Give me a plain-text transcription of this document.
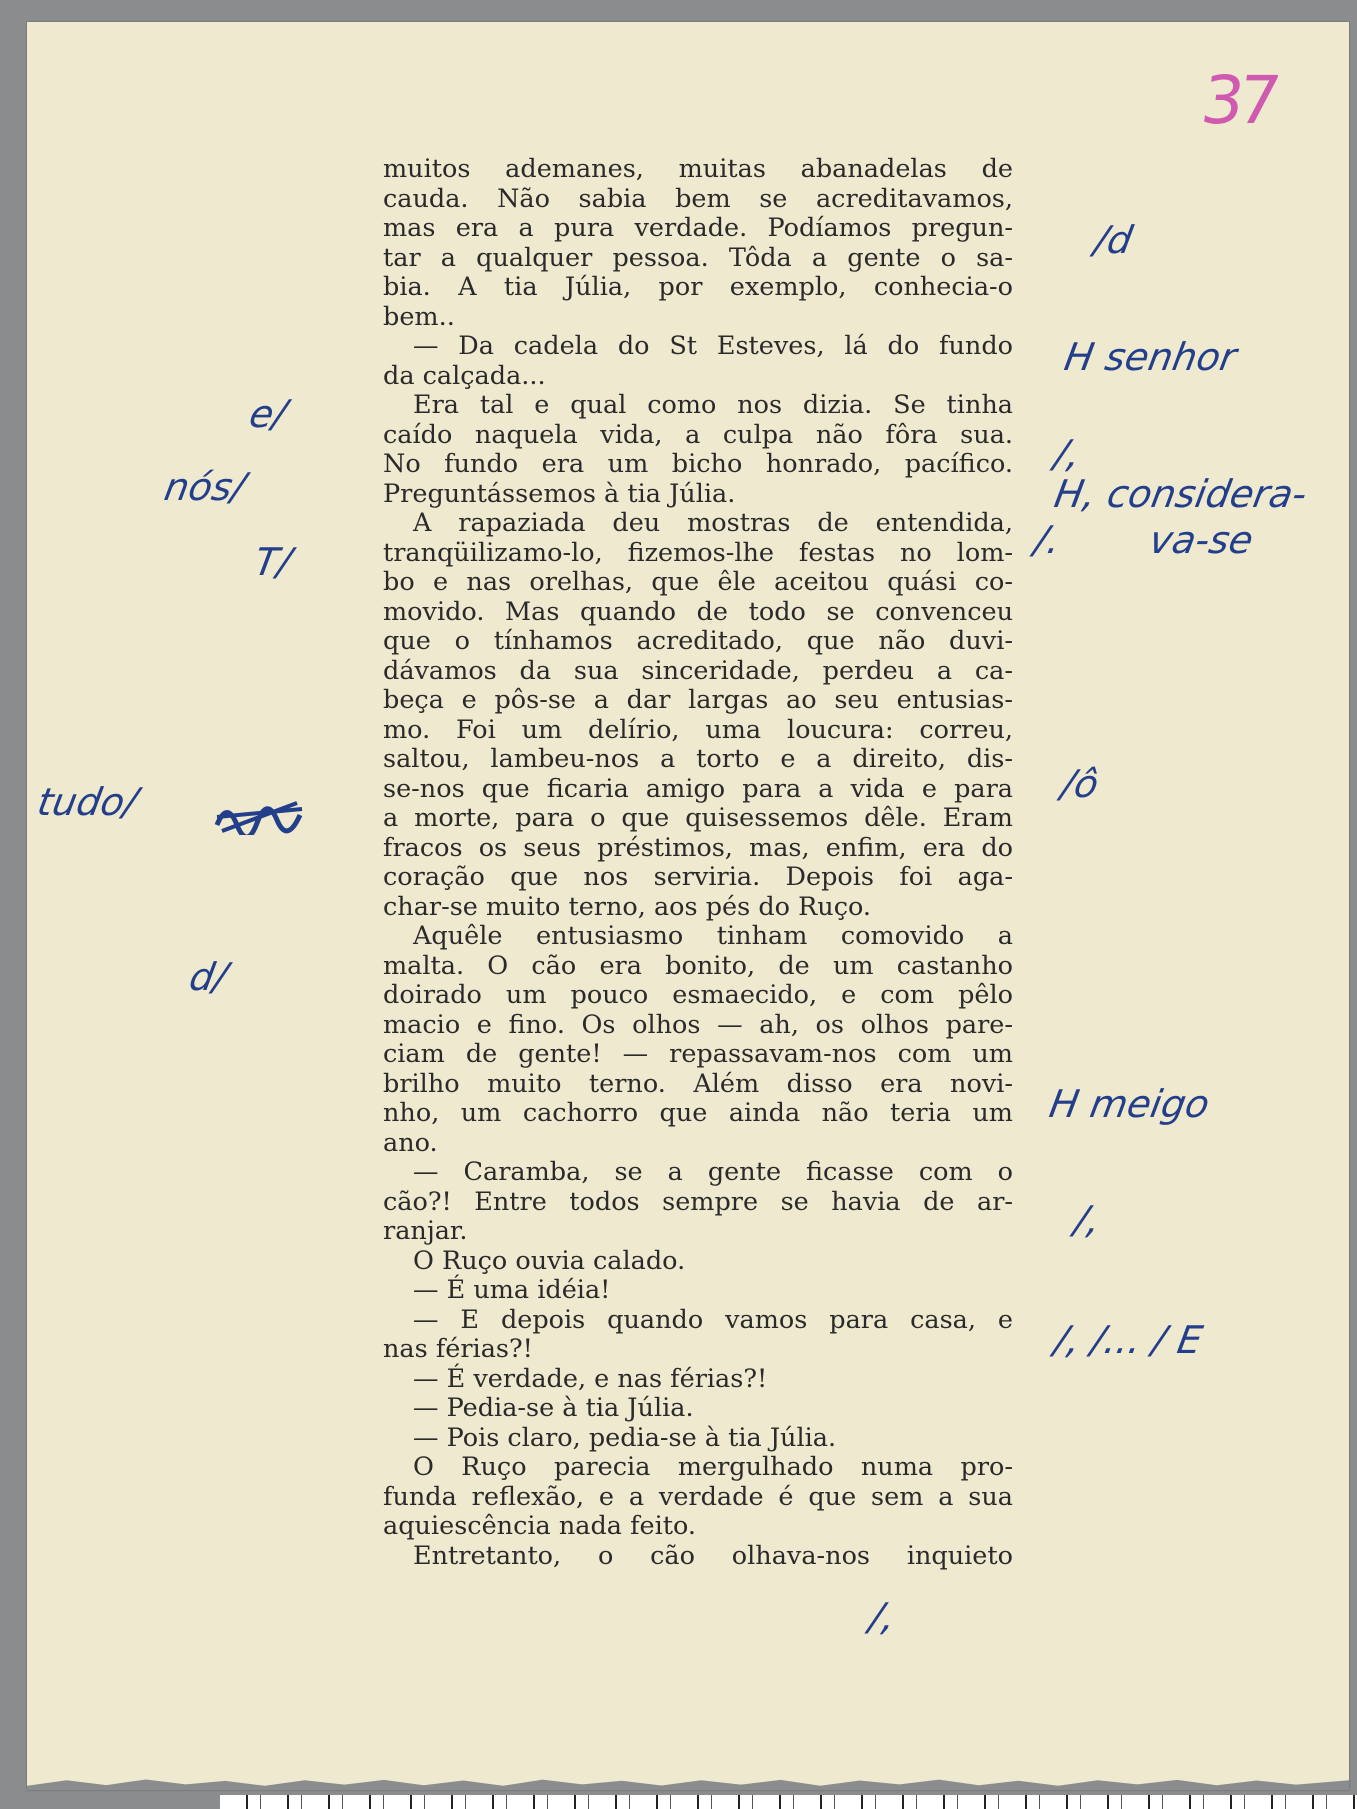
37
muitos ademanes, muitas abanadelas de
cauda. Não sabia bem se acreditavamos,
mas era a pura verdade. Podíamos pregun-
tar a qualquer pessoa. Tôda a gente o sa-
bia. A tia Júlia, por exemplo, conhecia-o
bem..
— Da cadela do St Esteves, lá do fundo
da calçada...
Era tal e qual como nos dizia. Se tinha
caído naquela vida, a culpa não fôra sua.
No fundo era um bicho honrado, pacífico.
Preguntássemos à tia Júlia.
A rapaziada deu mostras de entendida,
tranqüilizamo-lo, fizemos-lhe festas no lom-
bo e nas orelhas, que êle aceitou quási co-
movido. Mas quando de todo se convenceu
que o tínhamos acreditado, que não duvi-
dávamos da sua sinceridade, perdeu a ca-
beça e pôs-se a dar largas ao seu entusias-
mo. Foi um delírio, uma loucura: correu,
saltou, lambeu-nos a torto e a direito, dis-
se-nos que ficaria amigo para a vida e para
a morte, para o que quisessemos dêle. Eram
fracos os seus préstimos, mas, enfim, era do
coração que nos serviria. Depois foi aga-
char-se muito terno, aos pés do Ruço.
Aquêle entusiasmo tinham comovido a
malta. O cão era bonito, de um castanho
doirado um pouco esmaecido, e com pêlo
macio e fino. Os olhos — ah, os olhos pare-
ciam de gente! — repassavam-nos com um
brilho muito terno. Além disso era novi-
nho, um cachorro que ainda não teria um
ano.
— Caramba, se a gente ficasse com o
cão?! Entre todos sempre se havia de ar-
ranjar.
O Ruço ouvia calado.
— É uma idéia!
— E depois quando vamos para casa, e
nas férias?!
— É verdade, e nas férias?!
— Pedia-se à tia Júlia.
— Pois claro, pedia-se à tia Júlia.
O Ruço parecia mergulhado numa pro-
funda reflexão, e a verdade é que sem a sua
aquiescência nada feito.
Entretanto, o cão olhava-nos inquieto
e/
nós/
T/
tudo/
d/
/d
H senhor
/,
H, considera-
va-se
/.
/ô
H meigo
/,
/, /... / E
/,
